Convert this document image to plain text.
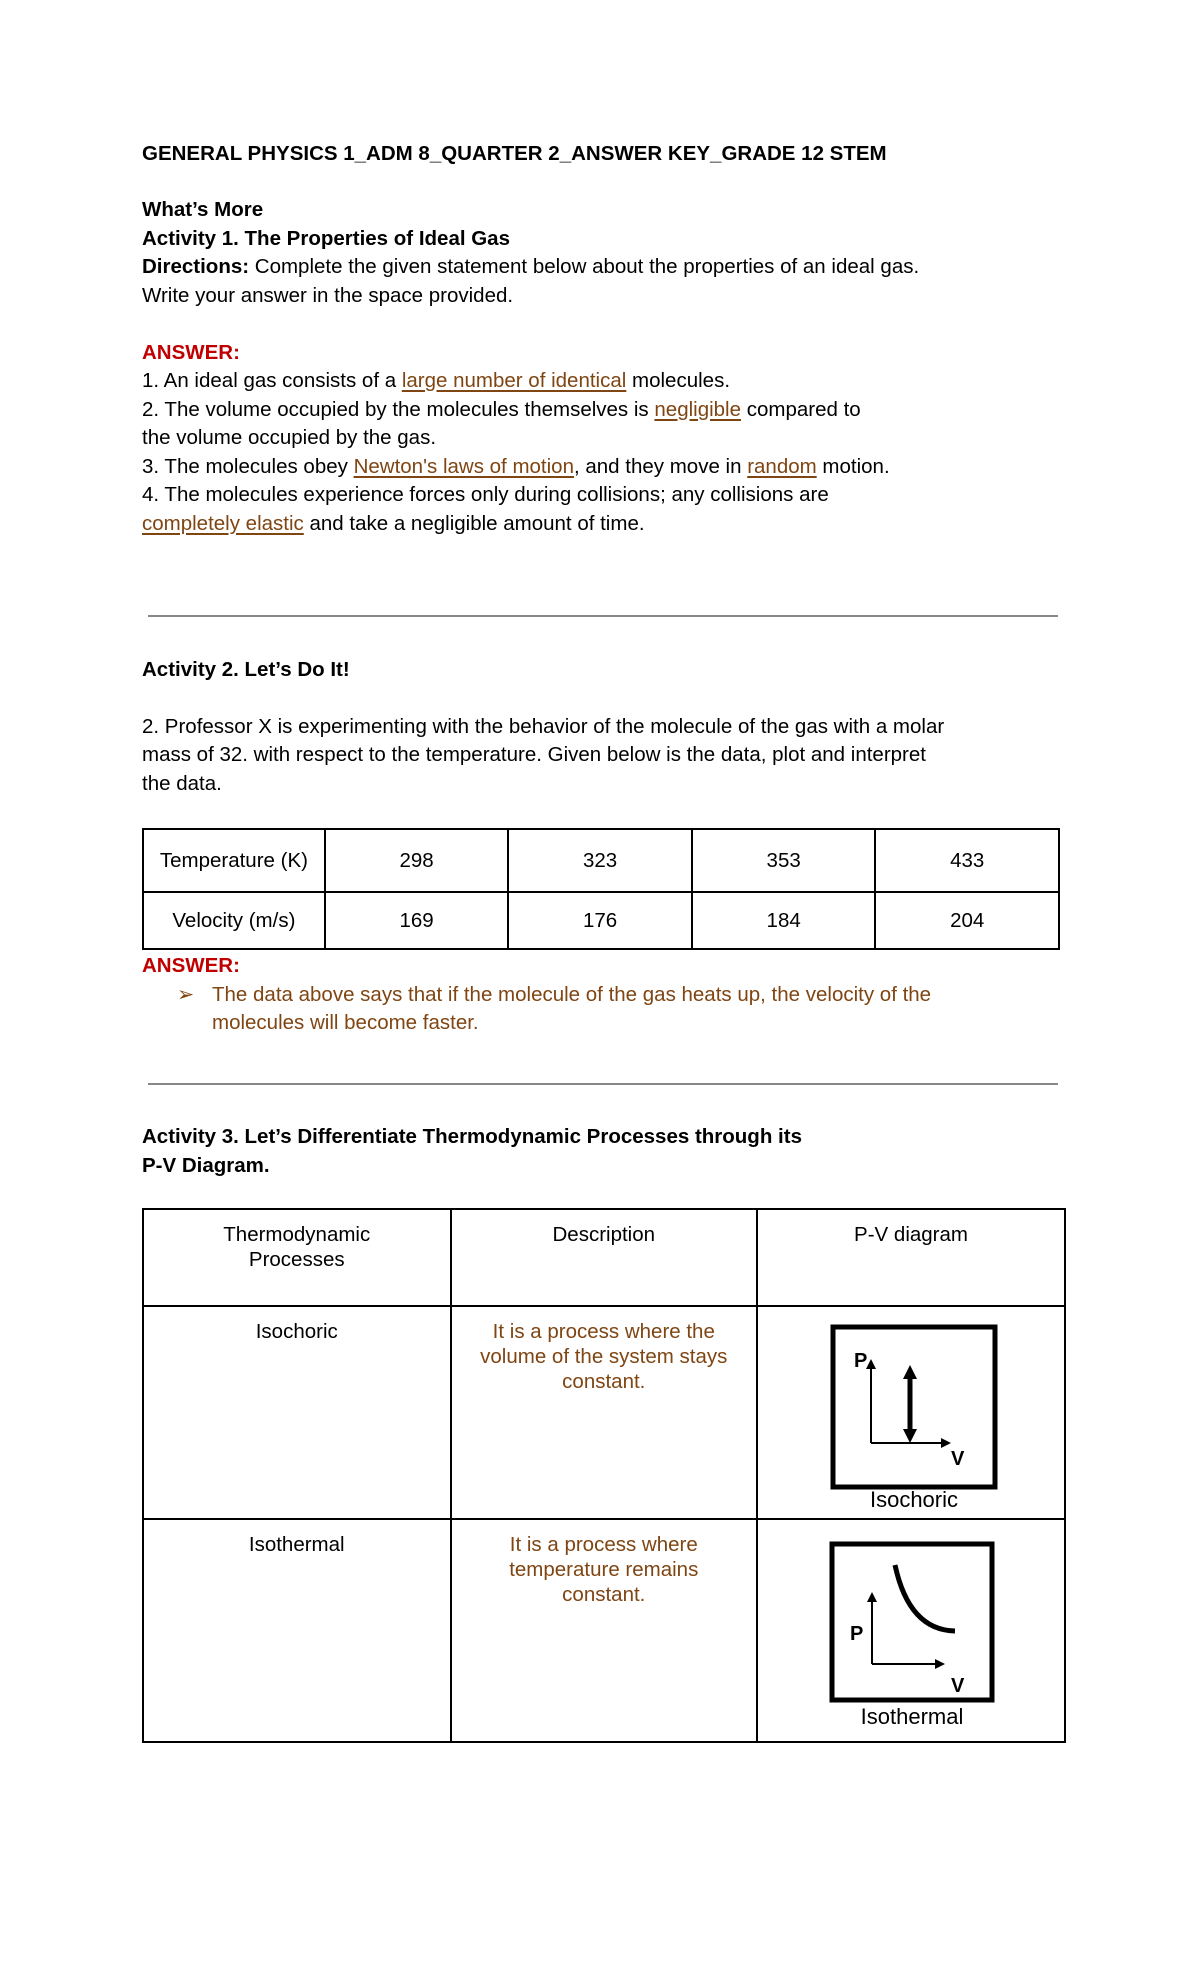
GENERAL PHYSICS 1_ADM 8_QUARTER 2_ANSWER KEY_GRADE 12 STEM

What’s More

Activity 1. The Properties of Ideal Gas

Directions: Complete the given statement below about the properties of an ideal gas.

Write your answer in the space provided.

ANSWER:

1. An ideal gas consists of a large number of identical molecules.

2. The volume occupied by the molecules themselves is negligible compared to

the volume occupied by the gas.

3. The molecules obey Newton's laws of motion, and they move in random motion.

4. The molecules experience forces only during collisions; any collisions are

completely elastic and take a negligible amount of time.

Activity 2. Let’s Do It!

2. Professor X is experimenting with the behavior of the molecule of the gas with a molar

mass of 32. with respect to the temperature. Given below is the data, plot and interpret

the data.

Temperature (K)	298	323	353	433
Velocity (m/s)	169	176	184	204

ANSWER:

➢ The data above says that if the molecule of the gas heats up, the velocity of the

molecules will become faster.

Activity 3. Let’s Differentiate Thermodynamic Processes through its

P-V Diagram.

Thermodynamic Processes	Description	P-V diagram
Isochoric	It is a process where the volume of the system stays constant.	P
V
Isochoric

Isothermal	It is a process where temperature remains constant.	P
V
Isothermal
